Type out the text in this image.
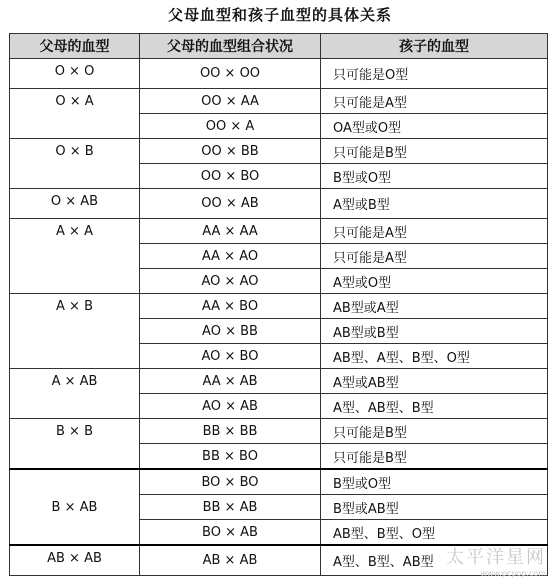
父母血型和孩子血型的具体关系
父母的血型	父母的血型组合状况	孩子的血型
O × O	OO × OO	只可能是O型
O × A	OO × AA	只可能是A型
	OO × A	OA型或O型
O × B	OO × BB	只可能是B型
	OO × BO	B型或O型
O × AB	OO × AB	A型或B型
A × A	AA × AA	只可能是A型
	AA × AO	只可能是A型
	AO × AO	A型或O型
A × B	AA × BO	AB型或A型
	AO × BB	AB型或B型
	AO × BO	AB型、A型、B型、O型
A × AB	AA × AB	A型或AB型
	AO × AB	A型、AB型、B型
B × B	BB × BB	只可能是B型
	BB × BO	只可能是B型
B × AB	BO × BO	B型或O型
	BB × AB	B型或AB型
	BO × AB	AB型、B型、O型
AB × AB	AB × AB	A型、B型、AB型 太平洋星网
www.pcpop.com
